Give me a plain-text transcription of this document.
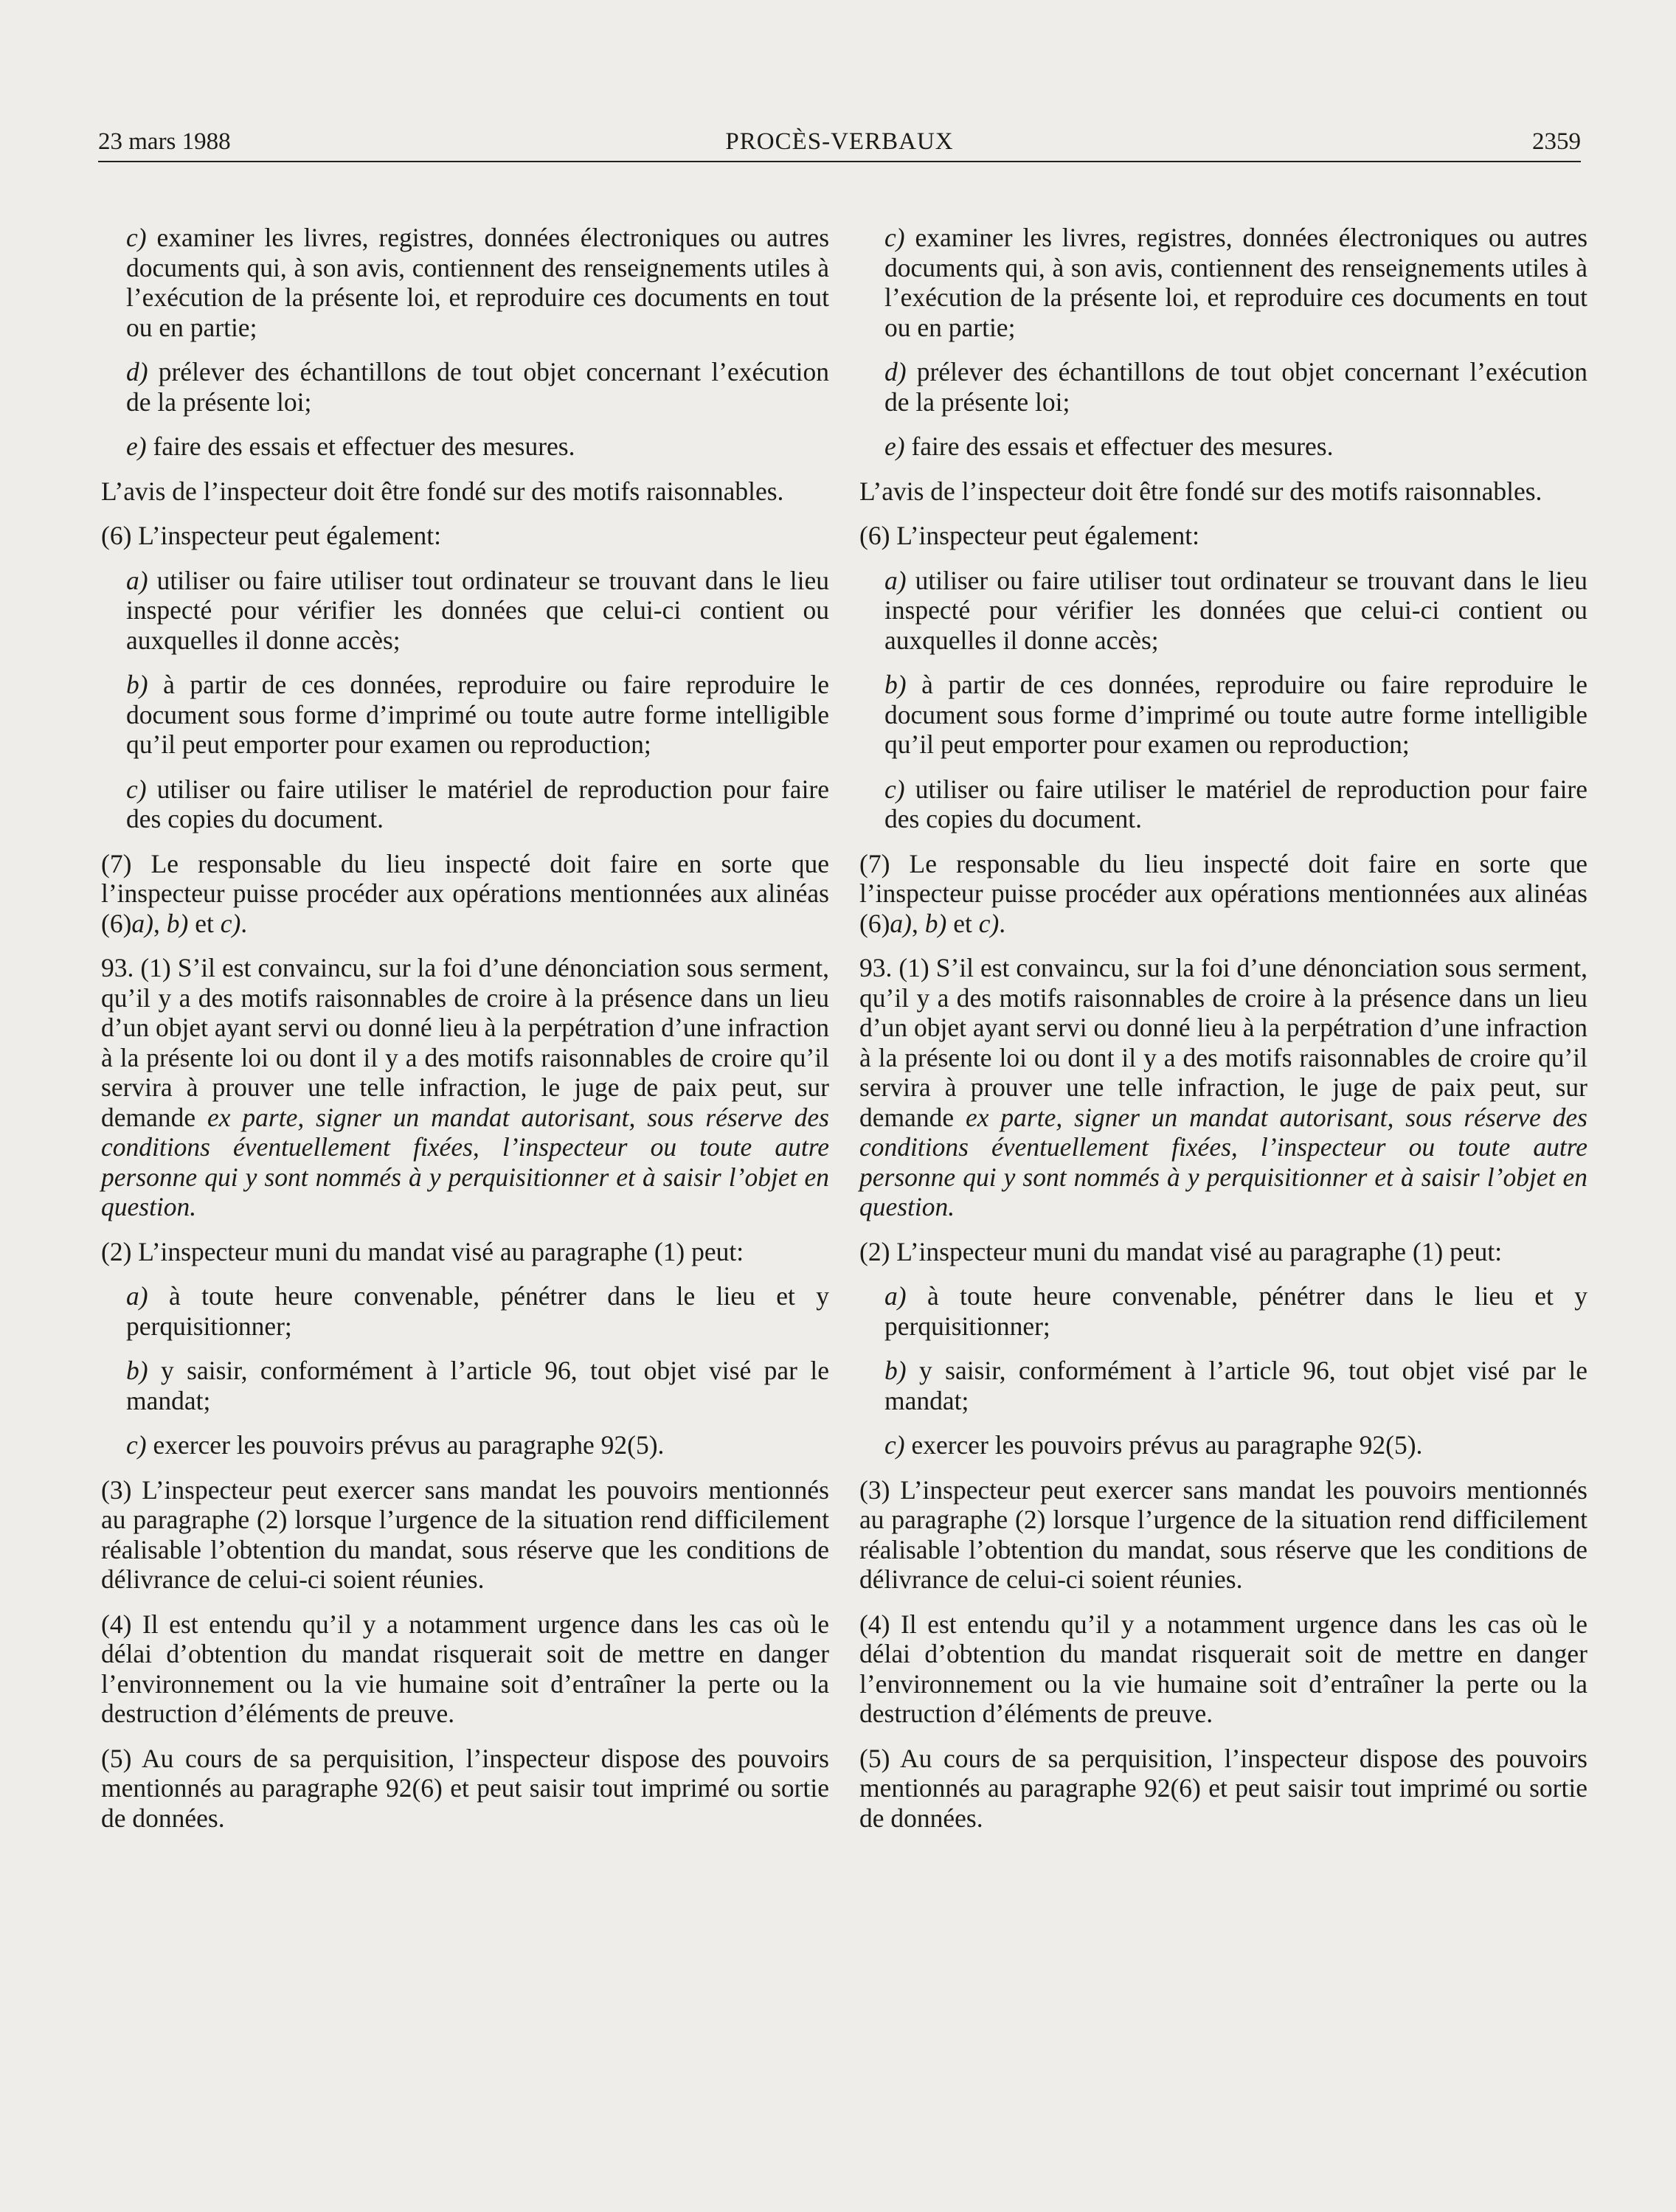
23 mars 1988	PROCÈS-VERBAUX	2359

c) examiner les livres, registres, données électroniques ou autres documents qui, à son avis, contiennent des renseignements utiles à l’exécution de la présente loi, et reproduire ces documents en tout ou en partie;

d) prélever des échantillons de tout objet concernant l’exécution de la présente loi;

e) faire des essais et effectuer des mesures.

L’avis de l’inspecteur doit être fondé sur des motifs raisonnables.

(6) L’inspecteur peut également:

a) utiliser ou faire utiliser tout ordinateur se trouvant dans le lieu inspecté pour vérifier les données que celui-ci contient ou auxquelles il donne accès;

b) à partir de ces données, reproduire ou faire reproduire le document sous forme d’imprimé ou toute autre forme intelligible qu’il peut emporter pour examen ou reproduction;

c) utiliser ou faire utiliser le matériel de reproduction pour faire des copies du document.

(7) Le responsable du lieu inspecté doit faire en sorte que l’inspecteur puisse procéder aux opérations mentionnées aux alinéas (6)a), b) et c).

93. (1) S’il est convaincu, sur la foi d’une dénonciation sous serment, qu’il y a des motifs raisonnables de croire à la présence dans un lieu d’un objet ayant servi ou donné lieu à la perpétration d’une infraction à la présente loi ou dont il y a des motifs raisonnables de croire qu’il servira à prouver une telle infraction, le juge de paix peut, sur demande ex parte, signer un mandat autorisant, sous réserve des conditions éventuellement fixées, l’inspecteur ou toute autre personne qui y sont nommés à y perquisitionner et à saisir l’objet en question.

(2) L’inspecteur muni du mandat visé au paragraphe (1) peut:

a) à toute heure convenable, pénétrer dans le lieu et y perquisitionner;

b) y saisir, conformément à l’article 96, tout objet visé par le mandat;

c) exercer les pouvoirs prévus au paragraphe 92(5).

(3) L’inspecteur peut exercer sans mandat les pouvoirs mentionnés au paragraphe (2) lorsque l’urgence de la situation rend difficilement réalisable l’obtention du mandat, sous réserve que les conditions de délivrance de celui-ci soient réunies.

(4) Il est entendu qu’il y a notamment urgence dans les cas où le délai d’obtention du mandat risquerait soit de mettre en danger l’environnement ou la vie humaine soit d’entraîner la perte ou la destruction d’éléments de preuve.

(5) Au cours de sa perquisition, l’inspecteur dispose des pouvoirs mentionnés au paragraphe 92(6) et peut saisir tout imprimé ou sortie de données.

c) examiner les livres, registres, données électroniques ou autres documents qui, à son avis, contiennent des renseignements utiles à l’exécution de la présente loi, et reproduire ces documents en tout ou en partie;

d) prélever des échantillons de tout objet concernant l’exécution de la présente loi;

e) faire des essais et effectuer des mesures.

L’avis de l’inspecteur doit être fondé sur des motifs raisonnables.

(6) L’inspecteur peut également:

a) utiliser ou faire utiliser tout ordinateur se trouvant dans le lieu inspecté pour vérifier les données que celui-ci contient ou auxquelles il donne accès;

b) à partir de ces données, reproduire ou faire reproduire le document sous forme d’imprimé ou toute autre forme intelligible qu’il peut emporter pour examen ou reproduction;

c) utiliser ou faire utiliser le matériel de reproduction pour faire des copies du document.

(7) Le responsable du lieu inspecté doit faire en sorte que l’inspecteur puisse procéder aux opérations mentionnées aux alinéas (6)a), b) et c).

93. (1) S’il est convaincu, sur la foi d’une dénonciation sous serment, qu’il y a des motifs raisonnables de croire à la présence dans un lieu d’un objet ayant servi ou donné lieu à la perpétration d’une infraction à la présente loi ou dont il y a des motifs raisonnables de croire qu’il servira à prouver une telle infraction, le juge de paix peut, sur demande ex parte, signer un mandat autorisant, sous réserve des conditions éventuellement fixées, l’inspecteur ou toute autre personne qui y sont nommés à y perquisitionner et à saisir l’objet en question.

(2) L’inspecteur muni du mandat visé au paragraphe (1) peut:

a) à toute heure convenable, pénétrer dans le lieu et y perquisitionner;

b) y saisir, conformément à l’article 96, tout objet visé par le mandat;

c) exercer les pouvoirs prévus au paragraphe 92(5).

(3) L’inspecteur peut exercer sans mandat les pouvoirs mentionnés au paragraphe (2) lorsque l’urgence de la situation rend difficilement réalisable l’obtention du mandat, sous réserve que les conditions de délivrance de celui-ci soient réunies.

(4) Il est entendu qu’il y a notamment urgence dans les cas où le délai d’obtention du mandat risquerait soit de mettre en danger l’environnement ou la vie humaine soit d’entraîner la perte ou la destruction d’éléments de preuve.

(5) Au cours de sa perquisition, l’inspecteur dispose des pouvoirs mentionnés au paragraphe 92(6) et peut saisir tout imprimé ou sortie de données.
